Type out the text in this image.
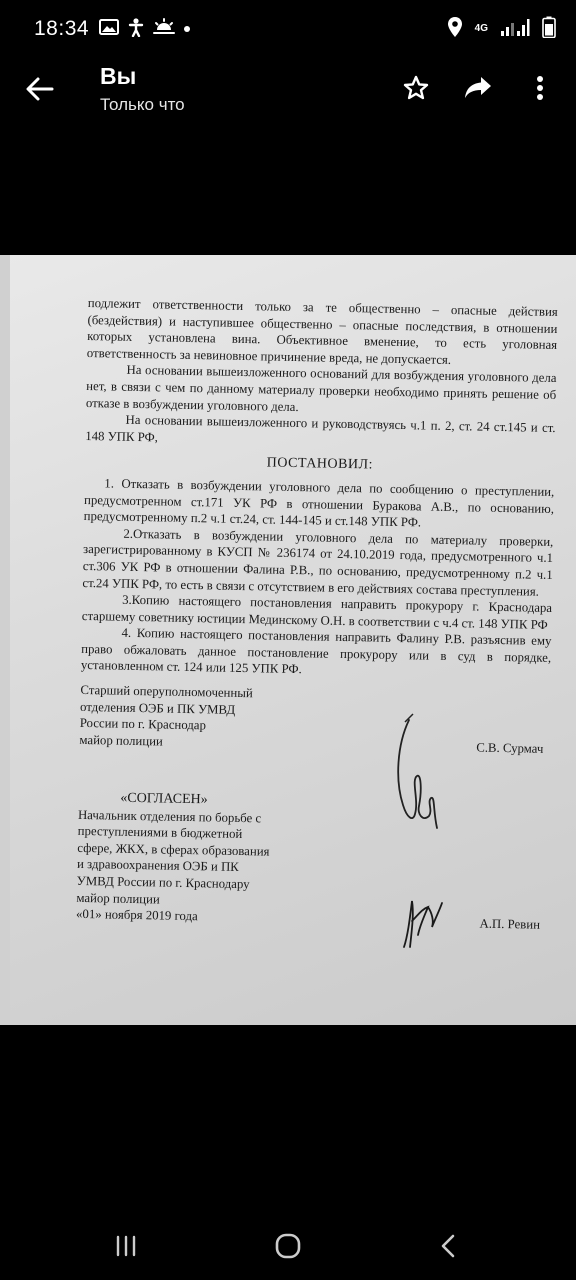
18:34	4G
Вы
Только что

подлежит ответственности только за те общественно – опасные действия (бездействия) и наступившее общественно – опасные последствия, в отношении которых установлена вина. Объективное вменение, то есть уголовная ответственность за невиновное причинение вреда, не допускается.

На основании вышеизложенного оснований для возбуждения уголовного дела нет, в связи с чем по данному материалу проверки необходимо принять решение об отказе в возбуждении уголовного дела.

На основании вышеизложенного и руководствуясь ч.1 п. 2, ст. 24 ст.145 и ст. 148 УПК РФ,

ПОСТАНОВИЛ:

1. Отказать в возбуждении уголовного дела по сообщению о преступлении, предусмотренном ст.171 УК РФ в отношении Буракова А.В., по основанию, предусмотренному п.2 ч.1 ст.24, ст. 144-145 и ст.148 УПК РФ.

2.Отказать в возбуждении уголовного дела по материалу проверки, зарегистрированному в КУСП № 236174 от 24.10.2019 года, предусмотренного ч.1 ст.306 УК РФ в отношении Фалина Р.В., по основанию, предусмотренному п.2 ч.1 ст.24 УПК РФ, то есть в связи с отсутствием в его действиях состава преступления.

3.Копию настоящего постановления направить прокурору г. Краснодара старшему советнику юстиции Мединскому О.Н. в соответствии с ч.4 ст. 148 УПК РФ

4. Копию настоящего постановления направить Фалину Р.В. разъяснив ему право обжаловать данное постановление прокурору или в суд в порядке, установленном ст. 124 или 125 УПК РФ.

Старший оперуполномоченный

отделения ОЭБ и ПК УМВД

России по г. Краснодар

майор полиции	С.В. Сурмач

«СОГЛАСЕН»

Начальник отделения по борьбе с

преступлениями в бюджетной

сфере, ЖКХ, в сферах образования

и здравоохранения ОЭБ и ПК

УМВД России по г. Краснодару

майор полиции

«01» ноября 2019 года

А.П. Ревин
